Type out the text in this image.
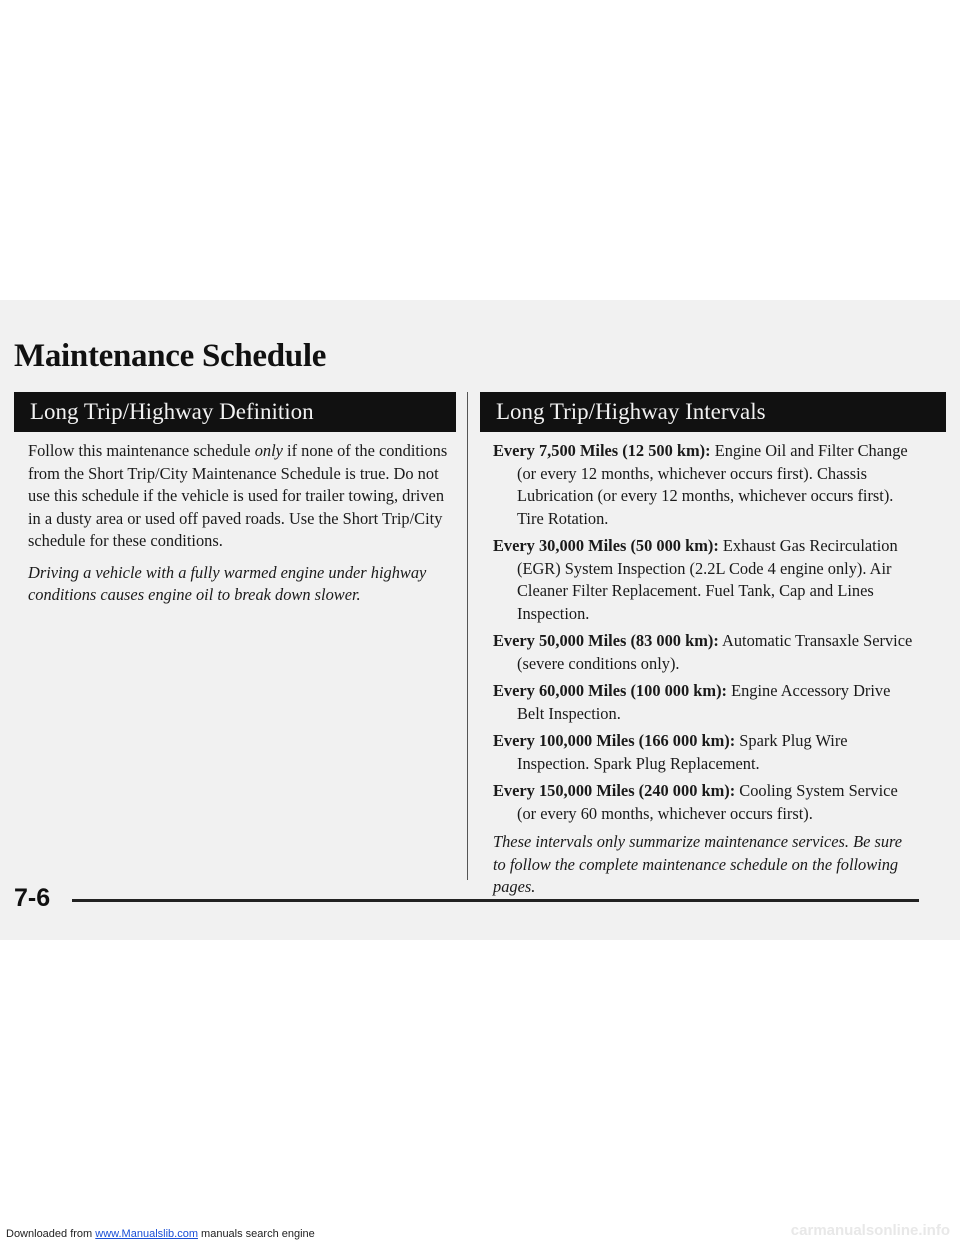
Maintenance Schedule
Long Trip/Highway Definition	Long Trip/Highway Intervals

Follow this maintenance schedule only if none of the conditions from the Short Trip/City Maintenance Schedule is true. Do not use this schedule if the vehicle is used for trailer towing, driven in a dusty area or used off paved roads. Use the Short Trip/City schedule for these conditions.

Driving a vehicle with a fully warmed engine under highway conditions causes engine oil to break down slower.

Every 7,500 Miles (12 500 km): Engine Oil and Filter Change (or every 12 months, whichever occurs first). Chassis Lubrication (or every 12 months, whichever occurs first). Tire Rotation.

Every 30,000 Miles (50 000 km): Exhaust Gas Recirculation (EGR) System Inspection (2.2L Code 4 engine only). Air Cleaner Filter Replacement. Fuel Tank, Cap and Lines Inspection.

Every 50,000 Miles (83 000 km): Automatic Transaxle Service (severe conditions only).

Every 60,000 Miles (100 000 km): Engine Accessory Drive Belt Inspection.

Every 100,000 Miles (166 000 km): Spark Plug Wire Inspection. Spark Plug Replacement.

Every 150,000 Miles (240 000 km): Cooling System Service (or every 60 months, whichever occurs first).

These intervals only summarize maintenance services. Be sure to follow the complete maintenance schedule on the following pages.

7-6
Downloaded from www.Manualslib.com manuals search engine	carmanualsonline.info
